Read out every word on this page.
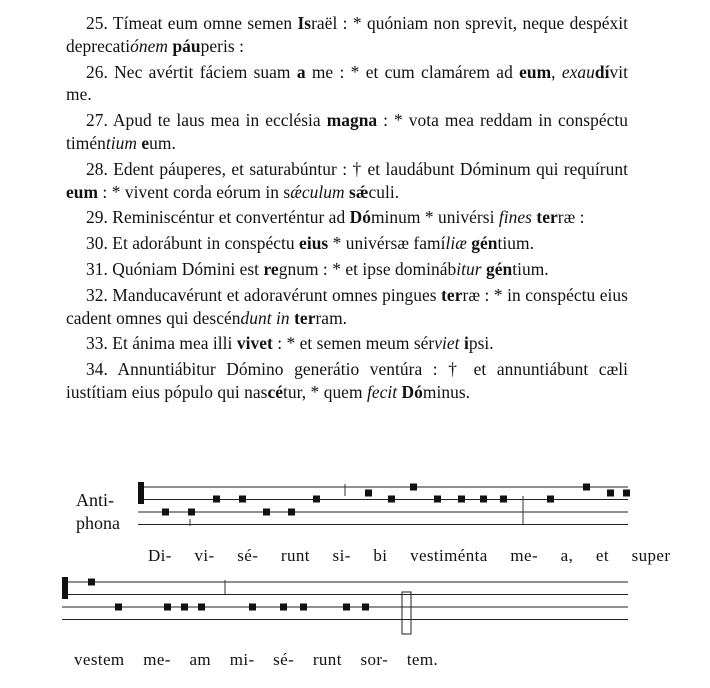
25. Tímeat eum omne semen Israël : * quóniam non sprevit, neque despéxit deprecatiónem páuperis :

26. Nec avértit fáciem suam a me : * et cum clamárem ad eum, exaudívit me.

27. Apud te laus mea in ecclésia magna : * vota mea reddam in conspéctu timéntium eum.

28. Edent páuperes, et saturabúntur : † et laudábunt Dóminum qui requírunt eum : * vivent corda eórum in sǽculum sǽculi.

29. Reminiscéntur et converténtur ad Dóminum * univérsi fines terræ :

30. Et adorábunt in conspéctu eius * univérsæ famíliæ géntium.

31. Quóniam Dómini est regnum : * et ipse dominábitur géntium.

32. Manducavérunt et adoravérunt omnes pingues terræ : * in conspéctu eius cadent omnes qui descéndunt in terram.

33. Et ánima mea illi vivet : * et semen meum sérviet ipsi.

34. Annuntiábitur Dómino generátio ventúra : † et annuntiábunt cæli iustítiam eius pópulo qui nascétur, * quem fecit Dóminus.

Anti-
phona
Di- vi- sé- runt si- bi vestiménta me- a, et super
vestem me- am mi- sé- runt sor- tem.
